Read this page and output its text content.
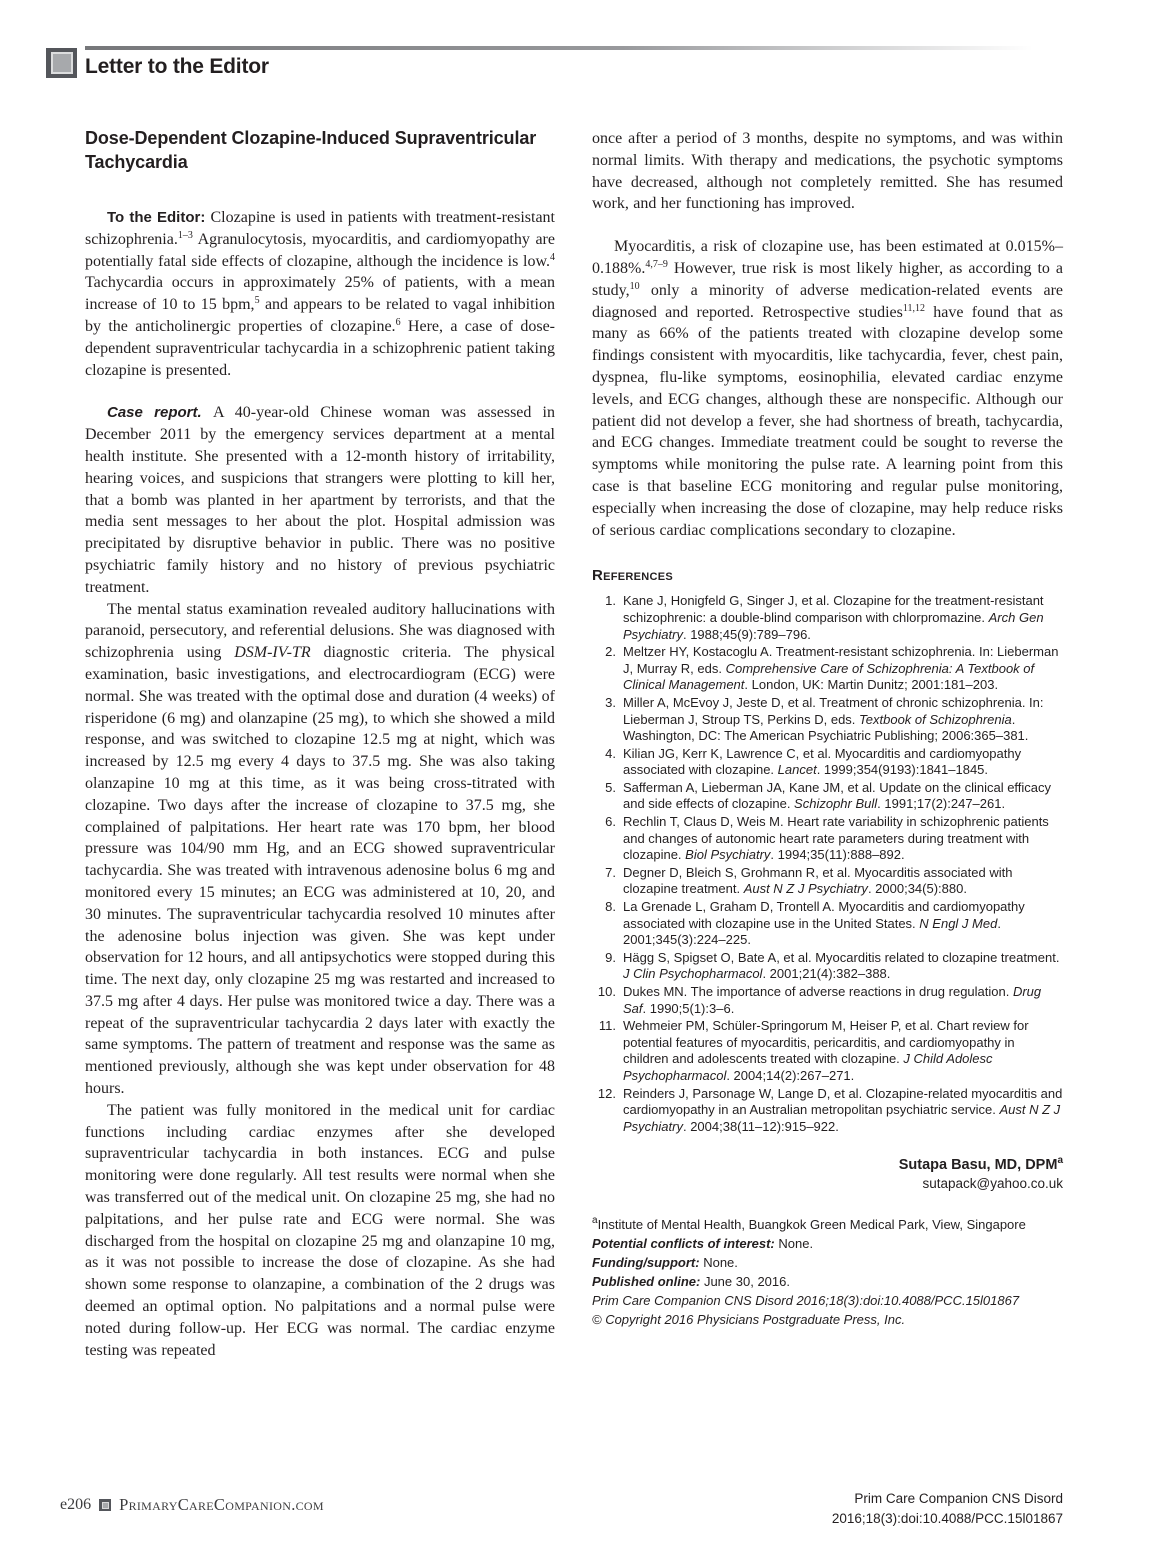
Letter to the Editor
Dose-Dependent Clozapine-Induced Supraventricular Tachycardia

To the Editor: Clozapine is used in patients with treatment-resistant schizophrenia.$^{1-3}$ Agranulocytosis, myocarditis, and cardiomyopathy are potentially fatal side effects of clozapine, although the incidence is low.$^4$ Tachycardia occurs in approximately 25% of patients, with a mean increase of 10 to 15 bpm,$^5$ and appears to be related to vagal inhibition by the anticholinergic properties of clozapine.$^6$ Here, a case of dose-dependent supraventricular tachycardia in a schizophrenic patient taking clozapine is presented.

Case report. A 40-year-old Chinese woman was assessed in December 2011 by the emergency services department at a mental health institute. She presented with a 12-month history of irritability, hearing voices, and suspicions that strangers were plotting to kill her, that a bomb was planted in her apartment by terrorists, and that the media sent messages to her about the plot. Hospital admission was precipitated by disruptive behavior in public. There was no positive psychiatric family history and no history of previous psychiatric treatment.

The mental status examination revealed auditory hallucinations with paranoid, persecutory, and referential delusions. She was diagnosed with schizophrenia using DSM-IV-TR diagnostic criteria. The physical examination, basic investigations, and electrocardiogram (ECG) were normal. She was treated with the optimal dose and duration (4 weeks) of risperidone (6 mg) and olanzapine (25 mg), to which she showed a mild response, and was switched to clozapine 12.5 mg at night, which was increased by 12.5 mg every 4 days to 37.5 mg. She was also taking olanzapine 10 mg at this time, as it was being cross-titrated with clozapine. Two days after the increase of clozapine to 37.5 mg, she complained of palpitations. Her heart rate was 170 bpm, her blood pressure was 104/90 mm Hg, and an ECG showed supraventricular tachycardia. She was treated with intravenous adenosine bolus 6 mg and monitored every 15 minutes; an ECG was administered at 10, 20, and 30 minutes. The supraventricular tachycardia resolved 10 minutes after the adenosine bolus injection was given. She was kept under observation for 12 hours, and all antipsychotics were stopped during this time. The next day, only clozapine 25 mg was restarted and increased to 37.5 mg after 4 days. Her pulse was monitored twice a day. There was a repeat of the supraventricular tachycardia 2 days later with exactly the same symptoms. The pattern of treatment and response was the same as mentioned previously, although she was kept under observation for 48 hours.

The patient was fully monitored in the medical unit for cardiac functions including cardiac enzymes after she developed supraventricular tachycardia in both instances. ECG and pulse monitoring were done regularly. All test results were normal when she was transferred out of the medical unit. On clozapine 25 mg, she had no palpitations, and her pulse rate and ECG were normal. She was discharged from the hospital on clozapine 25 mg and olanzapine 10 mg, as it was not possible to increase the dose of clozapine. As she had shown some response to olanzapine, a combination of the 2 drugs was deemed an optimal option. No palpitations and a normal pulse were noted during follow-up. Her ECG was normal. The cardiac enzyme testing was repeated

once after a period of 3 months, despite no symptoms, and was within normal limits. With therapy and medications, the psychotic symptoms have decreased, although not completely remitted. She has resumed work, and her functioning has improved.

Myocarditis, a risk of clozapine use, has been estimated at 0.015%–0.188%.$^{4,7-9}$ However, true risk is most likely higher, as according to a study,$^{10}$ only a minority of adverse medication-related events are diagnosed and reported. Retrospective studies$^{11,12}$ have found that as many as 66% of the patients treated with clozapine develop some findings consistent with myocarditis, like tachycardia, fever, chest pain, dyspnea, flu-like symptoms, eosinophilia, elevated cardiac enzyme levels, and ECG changes, although these are nonspecific. Although our patient did not develop a fever, she had shortness of breath, tachycardia, and ECG changes. Immediate treatment could be sought to reverse the symptoms while monitoring the pulse rate. A learning point from this case is that baseline ECG monitoring and regular pulse monitoring, especially when increasing the dose of clozapine, may help reduce risks of serious cardiac complications secondary to clozapine.

References
1. Kane J, Honigfeld G, Singer J, et al. Clozapine for the treatment-resistant schizophrenic: a double-blind comparison with chlorpromazine. Arch Gen Psychiatry. 1988;45(9):789–796.
2. Meltzer HY, Kostacoglu A. Treatment-resistant schizophrenia. In: Lieberman J, Murray R, eds. Comprehensive Care of Schizophrenia: A Textbook of Clinical Management. London, UK: Martin Dunitz; 2001:181–203.
3. Miller A, McEvoy J, Jeste D, et al. Treatment of chronic schizophrenia. In: Lieberman J, Stroup TS, Perkins D, eds. Textbook of Schizophrenia. Washington, DC: The American Psychiatric Publishing; 2006:365–381.
4. Kilian JG, Kerr K, Lawrence C, et al. Myocarditis and cardiomyopathy associated with clozapine. Lancet. 1999;354(9193):1841–1845.
5. Safferman A, Lieberman JA, Kane JM, et al. Update on the clinical efficacy and side effects of clozapine. Schizophr Bull. 1991;17(2):247–261.
6. Rechlin T, Claus D, Weis M. Heart rate variability in schizophrenic patients and changes of autonomic heart rate parameters during treatment with clozapine. Biol Psychiatry. 1994;35(11):888–892.
7. Degner D, Bleich S, Grohmann R, et al. Myocarditis associated with clozapine treatment. Aust N Z J Psychiatry. 2000;34(5):880.
8. La Grenade L, Graham D, Trontell A. Myocarditis and cardiomyopathy associated with clozapine use in the United States. N Engl J Med. 2001;345(3):224–225.
9. Hägg S, Spigset O, Bate A, et al. Myocarditis related to clozapine treatment. J Clin Psychopharmacol. 2001;21(4):382–388.
10. Dukes MN. The importance of adverse reactions in drug regulation. Drug Saf. 1990;5(1):3–6.
11. Wehmeier PM, Schüler-Springorum M, Heiser P, et al. Chart review for potential features of myocarditis, pericarditis, and cardiomyopathy in children and adolescents treated with clozapine. J Child Adolesc Psychopharmacol. 2004;14(2):267–271.
12. Reinders J, Parsonage W, Lange D, et al. Clozapine-related myocarditis and cardiomyopathy in an Australian metropolitan psychiatric service. Aust N Z J Psychiatry. 2004;38(11–12):915–922.
Sutapa Basu, MD, DPM$^a$
sutapack@yahoo.co.uk
$^a$Institute of Mental Health, Buangkok Green Medical Park, View, Singapore
Potential conflicts of interest: None.
Funding/support: None.
Published online: June 30, 2016.
Prim Care Companion CNS Disord 2016;18(3):doi:10.4088/PCC.15l01867
© Copyright 2016 Physicians Postgraduate Press, Inc.
e206 PrimaryCareCompanion.com	Prim Care Companion CNS Disord
2016;18(3):doi:10.4088/PCC.15l01867
